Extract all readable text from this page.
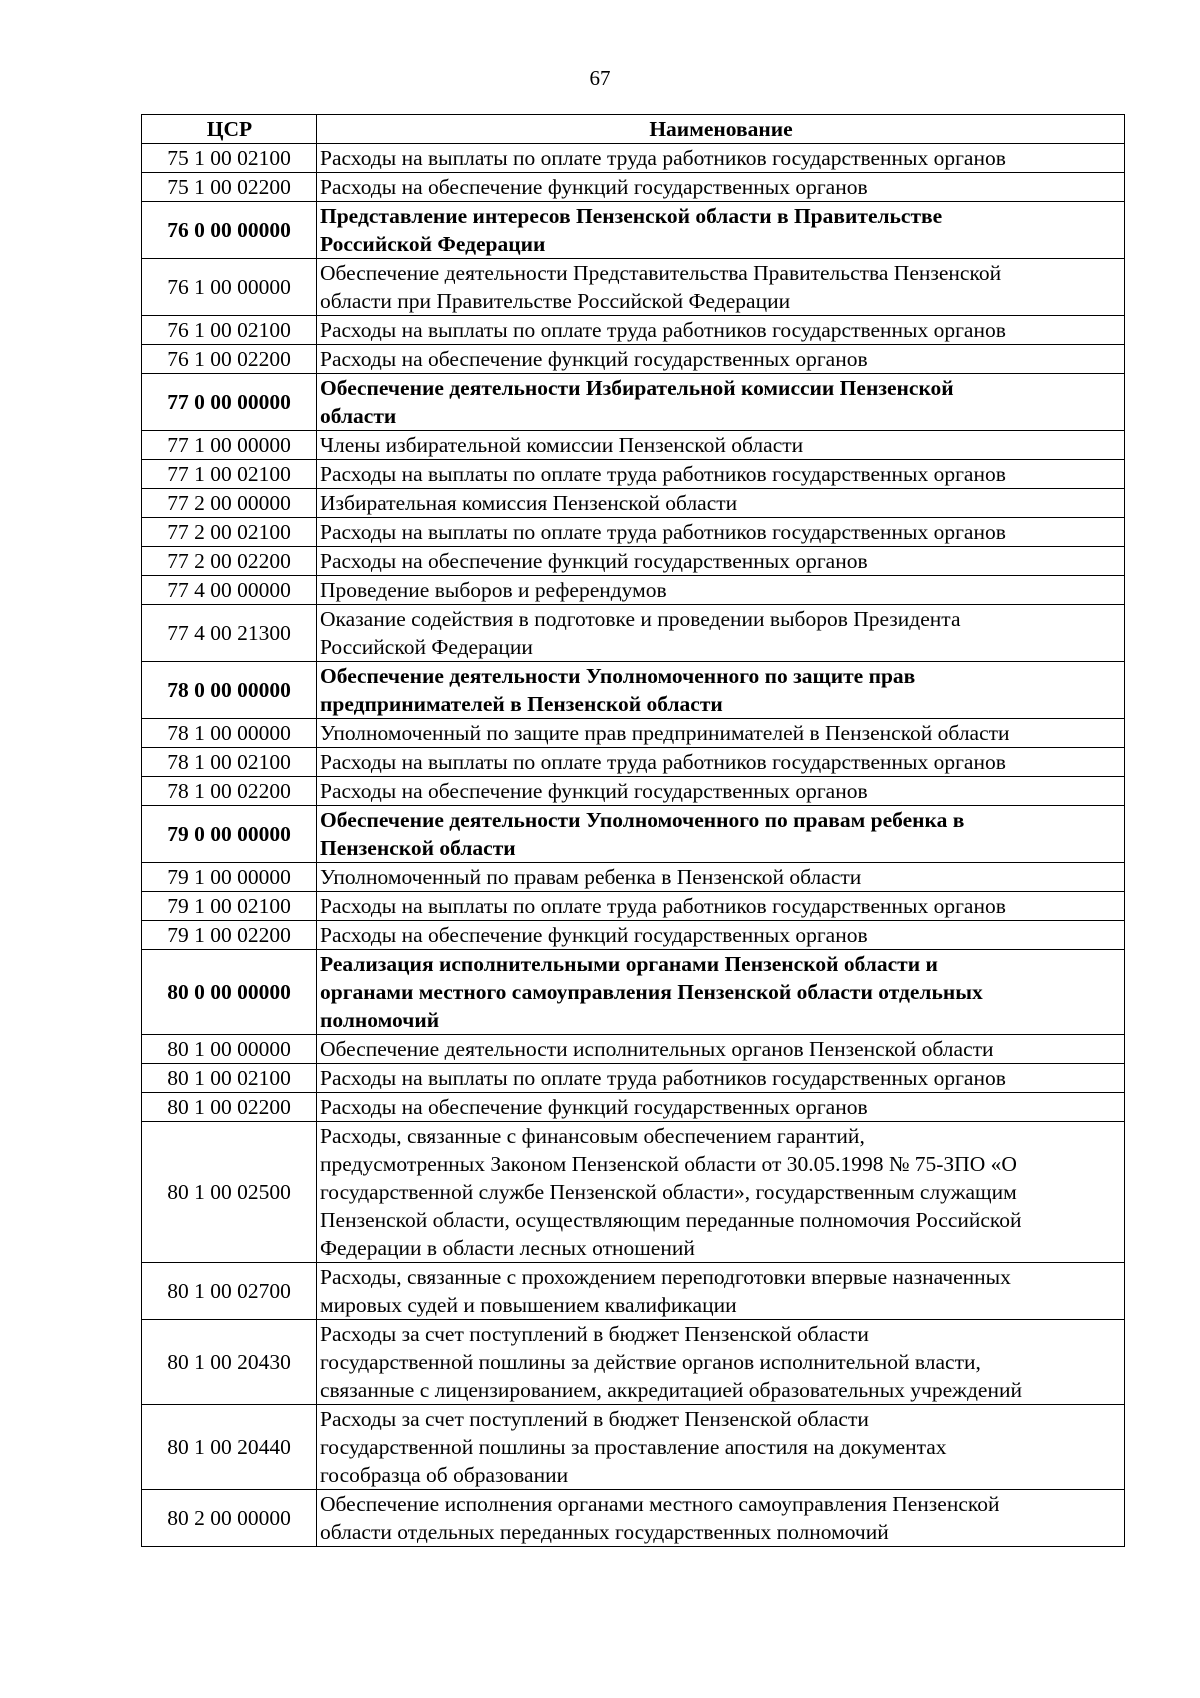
67
ЦСР	Наименование
75 1 00 02100	Расходы на выплаты по оплате труда работников государственных органов
75 1 00 02200	Расходы на обеспечение функций государственных органов
76 0 00 00000	Представление интересов Пензенской области в Правительстве
Российской Федерации
76 1 00 00000	Обеспечение деятельности Представительства Правительства Пензенской
области при Правительстве Российской Федерации
76 1 00 02100	Расходы на выплаты по оплате труда работников государственных органов
76 1 00 02200	Расходы на обеспечение функций государственных органов
77 0 00 00000	Обеспечение деятельности Избирательной комиссии Пензенской
области
77 1 00 00000	Члены избирательной комиссии Пензенской области
77 1 00 02100	Расходы на выплаты по оплате труда работников государственных органов
77 2 00 00000	Избирательная комиссия Пензенской области
77 2 00 02100	Расходы на выплаты по оплате труда работников государственных органов
77 2 00 02200	Расходы на обеспечение функций государственных органов
77 4 00 00000	Проведение выборов и референдумов
77 4 00 21300	Оказание содействия в подготовке и проведении выборов Президента
Российской Федерации
78 0 00 00000	Обеспечение деятельности Уполномоченного по защите прав
предпринимателей в Пензенской области
78 1 00 00000	Уполномоченный по защите прав предпринимателей в Пензенской области
78 1 00 02100	Расходы на выплаты по оплате труда работников государственных органов
78 1 00 02200	Расходы на обеспечение функций государственных органов
79 0 00 00000	Обеспечение деятельности Уполномоченного по правам ребенка в
Пензенской области
79 1 00 00000	Уполномоченный по правам ребенка в Пензенской области
79 1 00 02100	Расходы на выплаты по оплате труда работников государственных органов
79 1 00 02200	Расходы на обеспечение функций государственных органов
80 0 00 00000	Реализация исполнительными органами Пензенской области и
органами местного самоуправления Пензенской области отдельных
полномочий
80 1 00 00000	Обеспечение деятельности исполнительных органов Пензенской области
80 1 00 02100	Расходы на выплаты по оплате труда работников государственных органов
80 1 00 02200	Расходы на обеспечение функций государственных органов
80 1 00 02500	Расходы, связанные с финансовым обеспечением гарантий,
предусмотренных Законом Пензенской области от 30.05.1998 № 75-ЗПО «О
государственной службе Пензенской области», государственным служащим
Пензенской области, осуществляющим переданные полномочия Российской
Федерации в области лесных отношений
80 1 00 02700	Расходы, связанные с прохождением переподготовки впервые назначенных
мировых судей и повышением квалификации
80 1 00 20430	Расходы за счет поступлений в бюджет Пензенской области
государственной пошлины за действие органов исполнительной власти,
связанные с лицензированием, аккредитацией образовательных учреждений
80 1 00 20440	Расходы за счет поступлений в бюджет Пензенской области
государственной пошлины за проставление апостиля на документах
гособразца об образовании
80 2 00 00000	Обеспечение исполнения органами местного самоуправления Пензенской
области отдельных переданных государственных полномочий
